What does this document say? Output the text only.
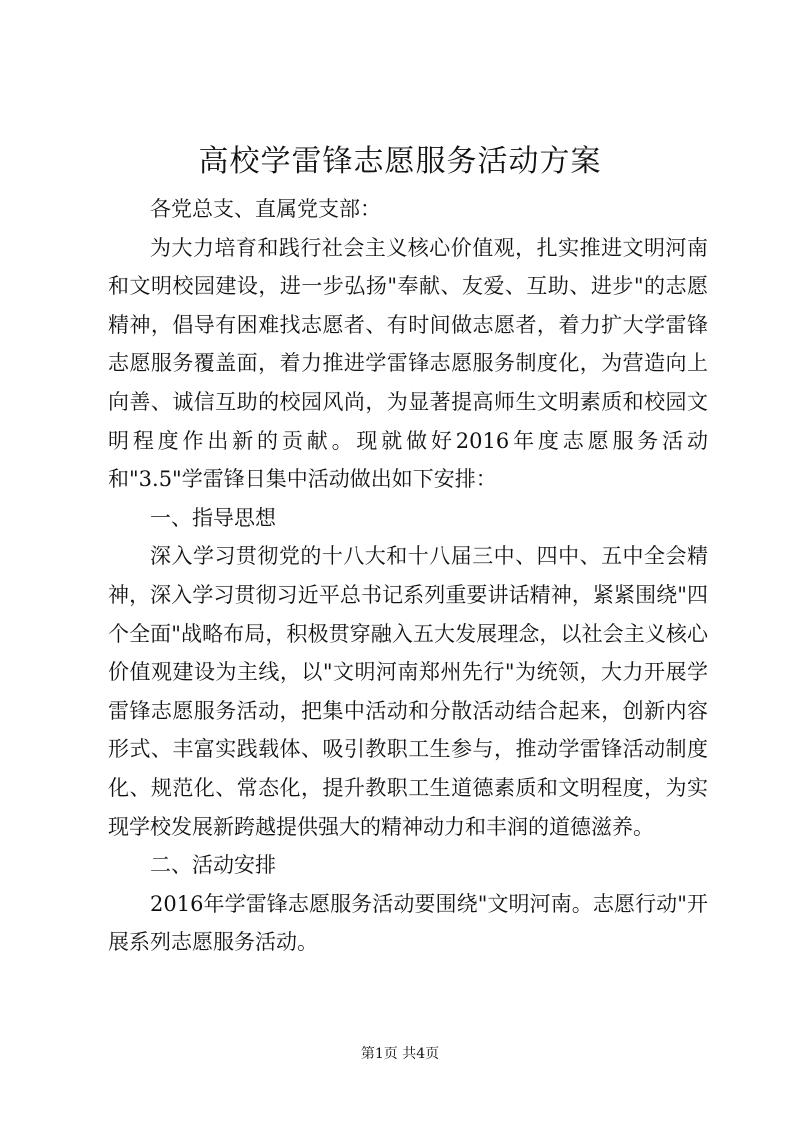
高校学雷锋志愿服务活动方案

各党总支、直属党支部：

为大力培育和践行社会主义核心价值观，扎实推进文明河南和文明校园建设，进一步弘扬"奉献、友爱、互助、进步"的志愿精神，倡导有困难找志愿者、有时间做志愿者，着力扩大学雷锋志愿服务覆盖面，着力推进学雷锋志愿服务制度化，为营造向上向善、诚信互助的校园风尚，为显著提高师生文明素质和校园文明程度作出新的贡献。现就做好2016年度志愿服务活动和"3.5"学雷锋日集中活动做出如下安排：

一、指导思想

深入学习贯彻党的十八大和十八届三中、四中、五中全会精神，深入学习贯彻习近平总书记系列重要讲话精神，紧紧围绕"四个全面"战略布局，积极贯穿融入五大发展理念，以社会主义核心价值观建设为主线，以"文明河南郑州先行"为统领，大力开展学雷锋志愿服务活动，把集中活动和分散活动结合起来，创新内容形式、丰富实践载体、吸引教职工生参与，推动学雷锋活动制度化、规范化、常态化，提升教职工生道德素质和文明程度，为实现学校发展新跨越提供强大的精神动力和丰润的道德滋养。

二、活动安排

2016年学雷锋志愿服务活动要围绕"文明河南。志愿行动"开展系列志愿服务活动。

第1页 共4页
